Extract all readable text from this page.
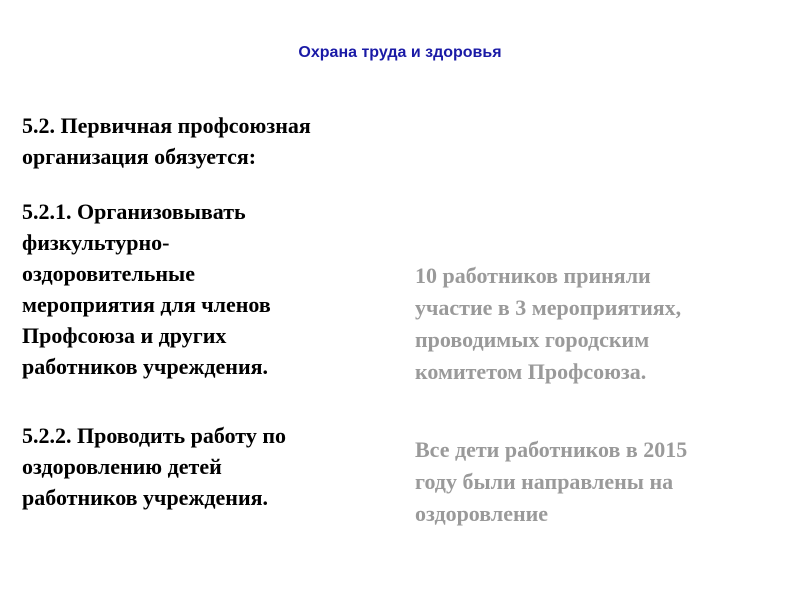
Охрана труда и здоровья
5.2. Первичная профсоюзная
организация обязуется:
5.2.1. Организовывать
физкультурно-
оздоровительные
мероприятия для членов
Профсоюза и других
работников учреждения.
5.2.2. Проводить работу по
оздоровлению детей
работников учреждения.
10 работников приняли
участие в 3 мероприятиях,
проводимых городским
комитетом Профсоюза.
Все дети работников в 2015
году были направлены на
оздоровление
